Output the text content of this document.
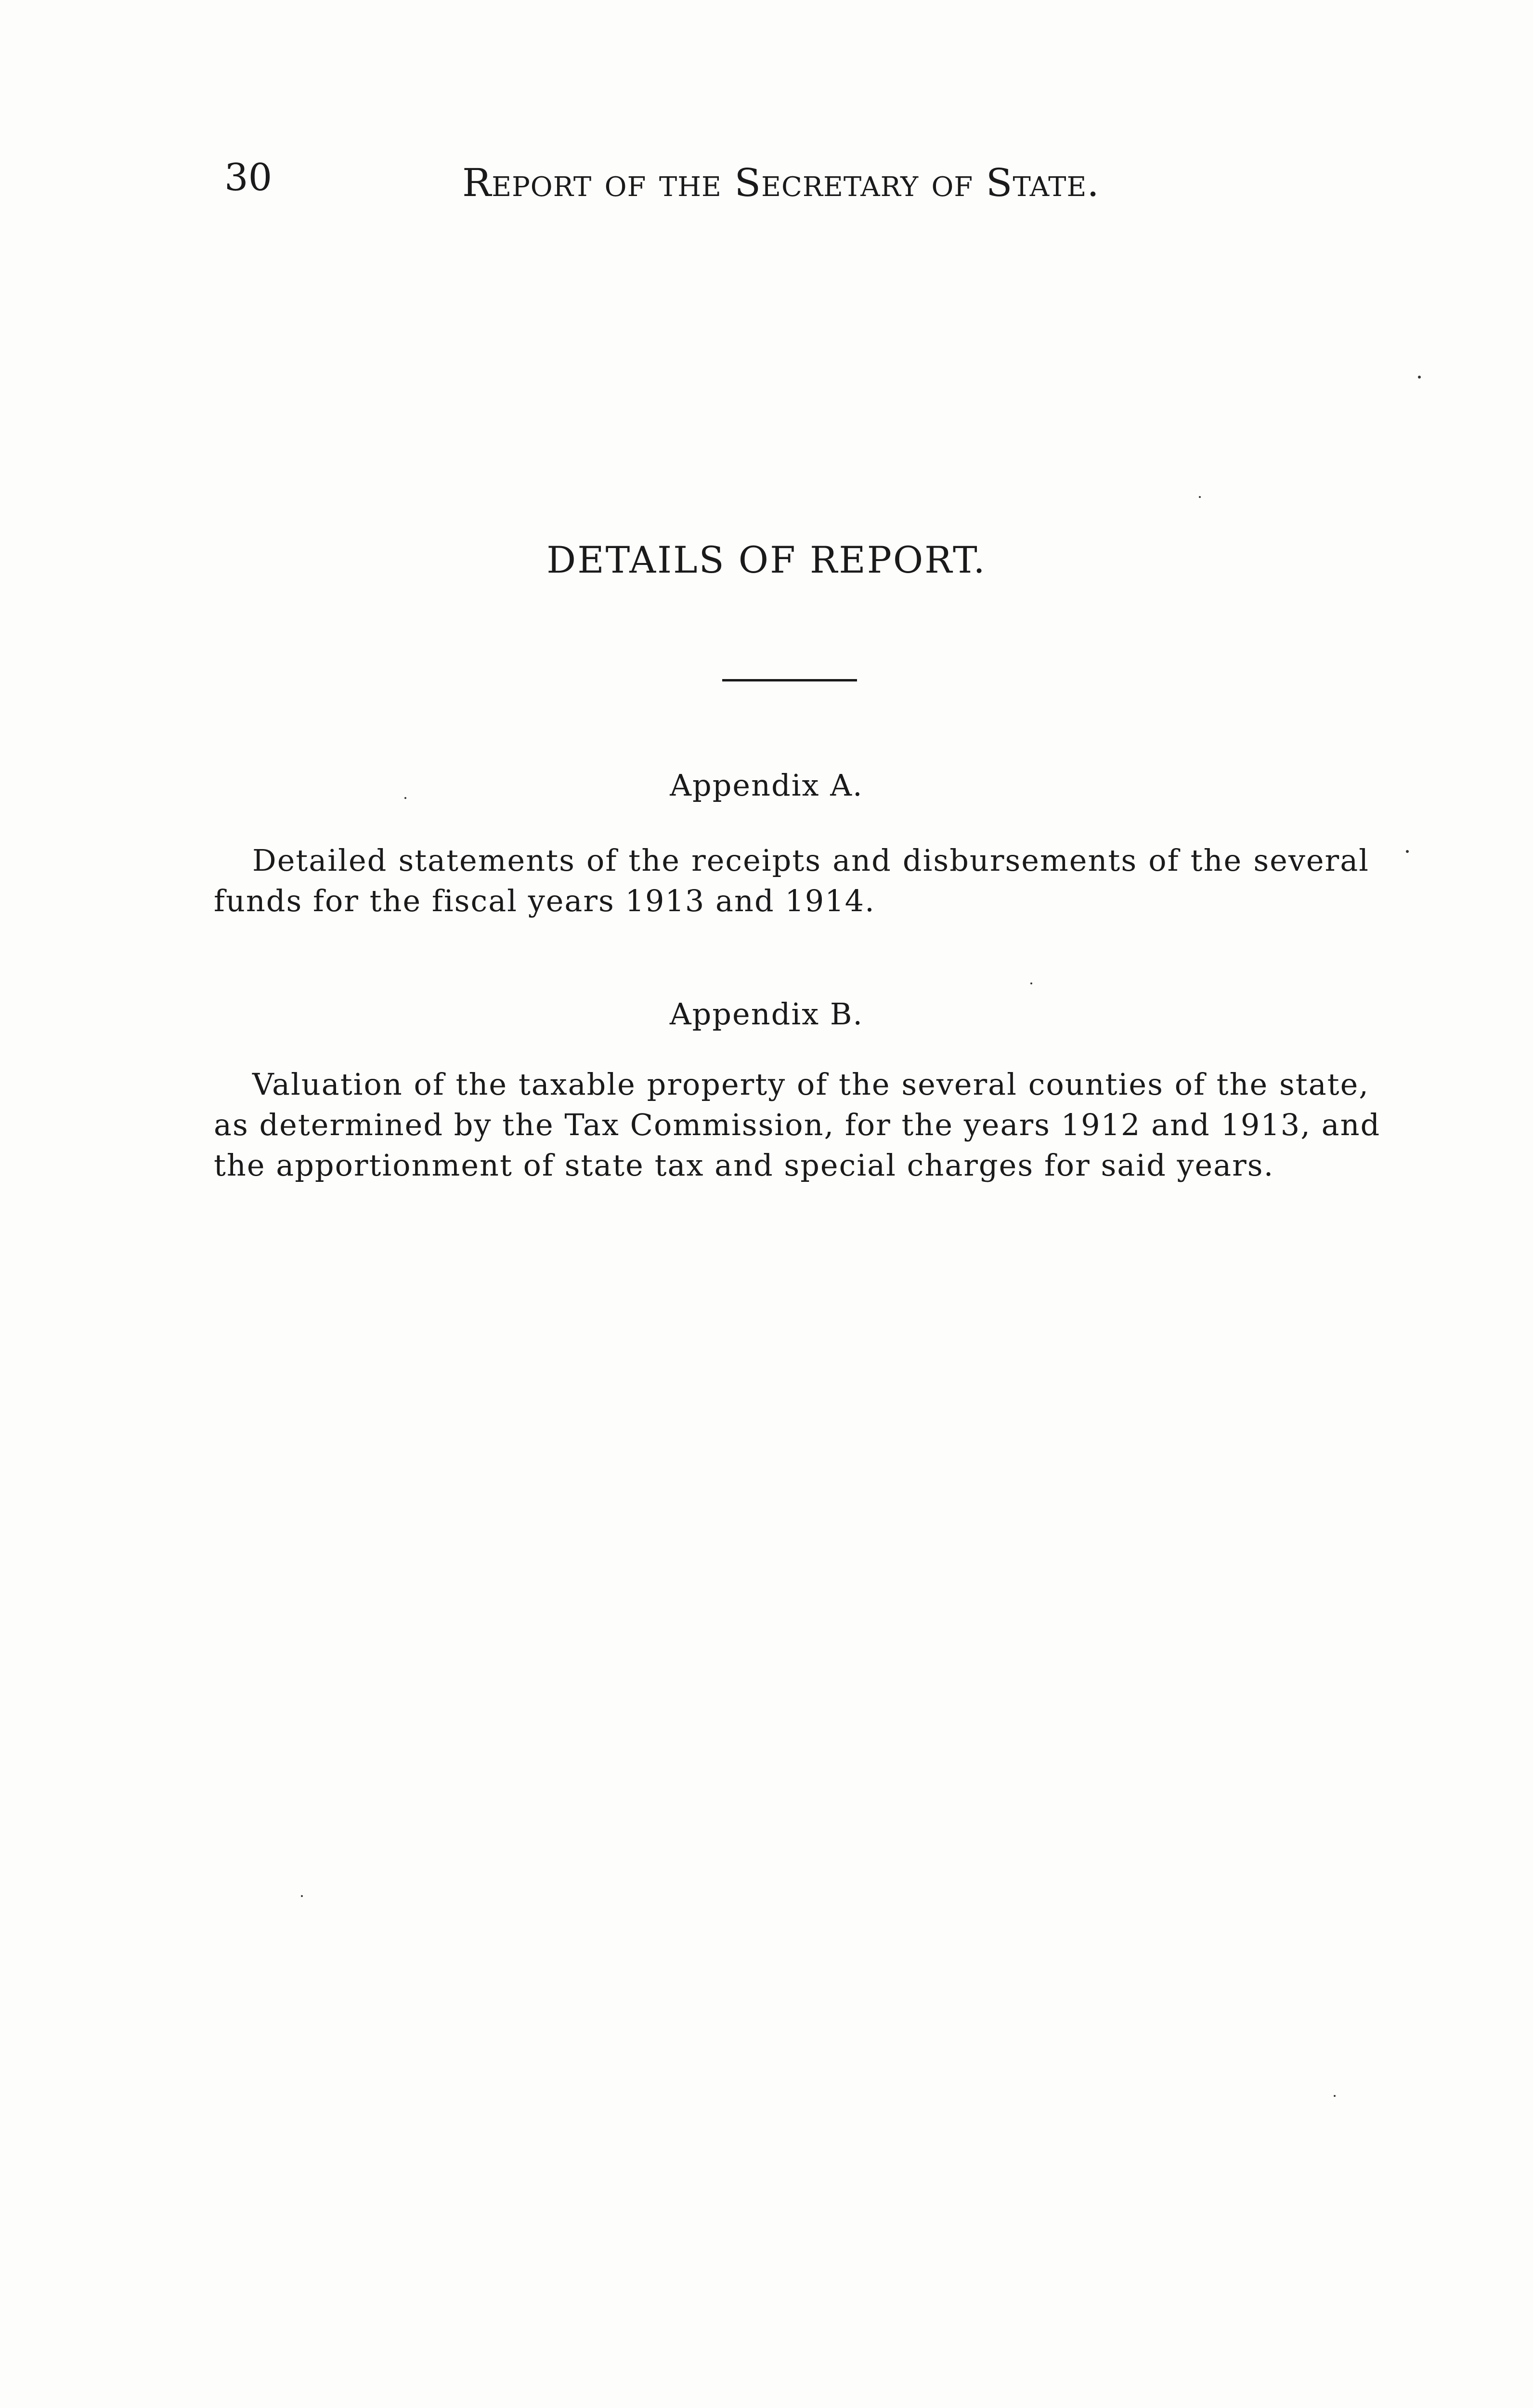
30	Report of the Secretary of State.
DETAILS OF REPORT.
Appendix A.
Detailed statements of the receipts and disbursements of the several
funds for the fiscal years 1913 and 1914.
Appendix B.
Valuation of the taxable property of the several counties of the state,
as determined by the Tax Commission, for the years 1912 and 1913, and
the apportionment of state tax and special charges for said years.
